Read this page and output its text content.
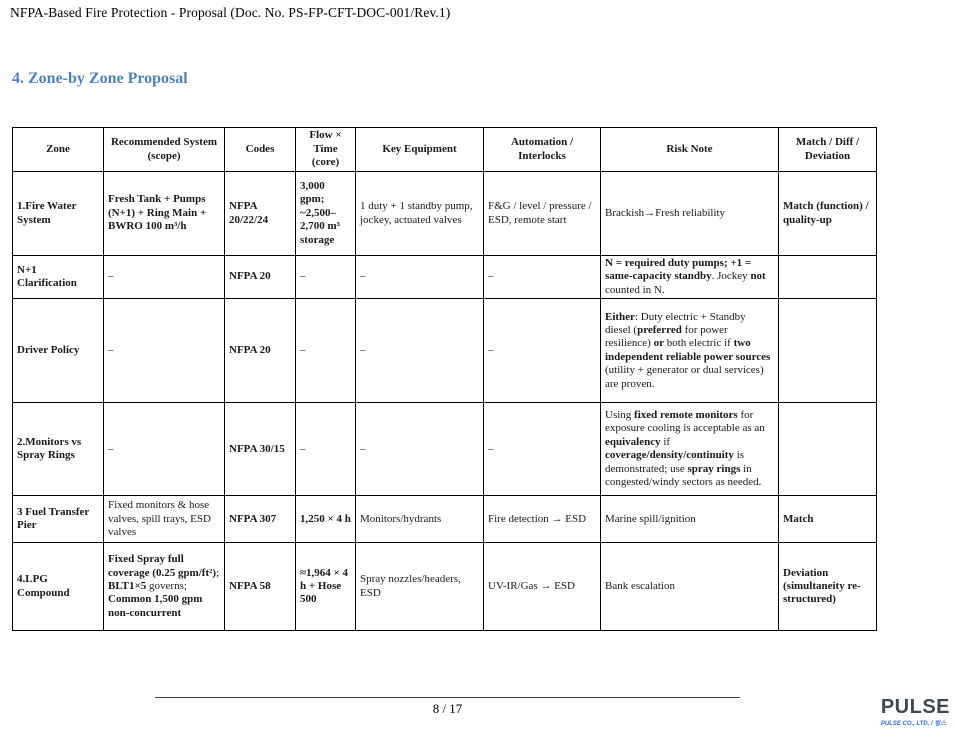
NFPA-Based Fire Protection - Proposal (Doc. No. PS-FP-CFT-DOC-001/Rev.1)
4. Zone-by Zone Proposal
Zone	Recommended System (scope)	Codes	Flow × Time (core)	Key Equipment	Automation / Interlocks	Risk Note	Match / Diff / Deviation
1.Fire Water System	Fresh Tank + Pumps (N+1) + Ring Main + BWRO 100 m³/h	NFPA 20/22/24	3,000 gpm; ~2,500–2,700 m³ storage	1 duty + 1 standby pump, jockey, actuated valves	F&G / level / pressure / ESD, remote start	Brackish→Fresh reliability	Match (function) / quality-up
N+1 Clarification	–	NFPA 20	–	–	–	N = required duty pumps; +1 = same-capacity standby. Jockey not counted in N.	
Driver Policy	–	NFPA 20	–	–	–	Either: Duty electric + Standby diesel (preferred for power resilience) or both electric if two independent reliable power sources (utility + generator or dual services) are proven.	
2.Monitors vs Spray Rings	–	NFPA 30/15	–	–	–	Using fixed remote monitors for exposure cooling is acceptable as an equivalency if coverage/density/continuity is demonstrated; use spray rings in congested/windy sectors as needed.	
3 Fuel Transfer Pier	Fixed monitors & hose valves, spill trays, ESD valves	NFPA 307	1,250 × 4 h	Monitors/hydrants	Fire detection → ESD	Marine spill/ignition	Match
4.LPG Compound	Fixed Spray full coverage (0.25 gpm/ft²); BLT1×5 governs; Common 1,500 gpm non-concurrent	NFPA 58	≈1,964 × 4 h + Hose 500	Spray nozzles/headers, ESD	UV-IR/Gas → ESD	Bank escalation	Deviation (simultaneity re-structured)
8 / 17	PULSE
PULSE CO., LTD. / 펄스
